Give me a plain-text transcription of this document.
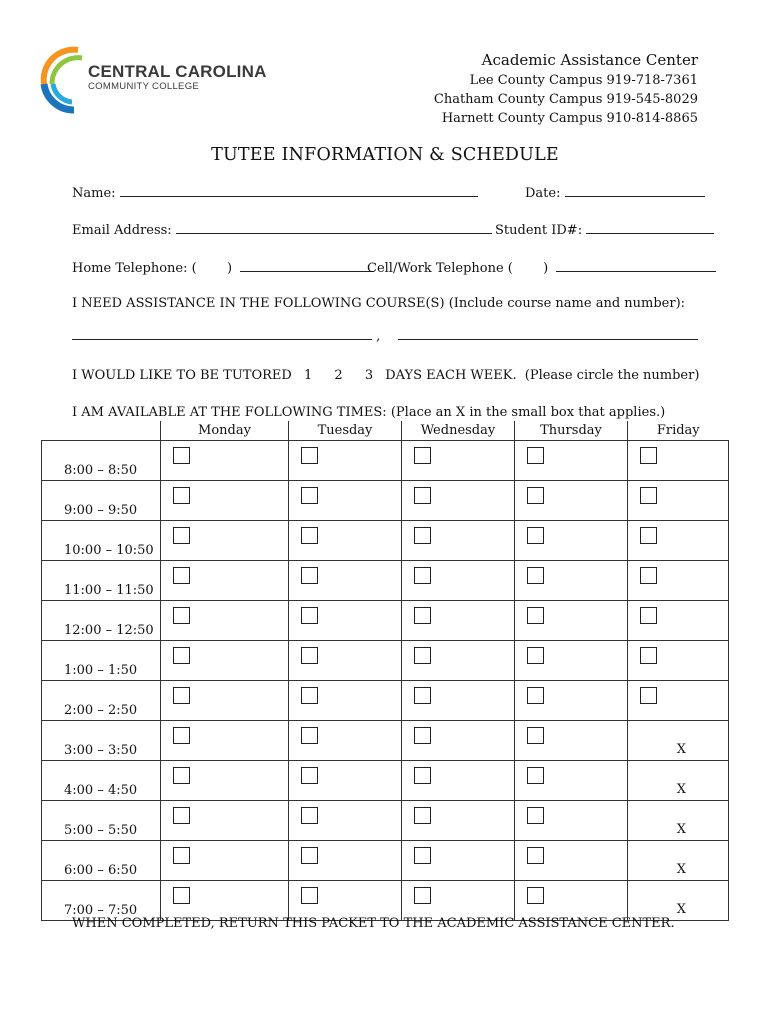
CENTRAL CAROLINA
COMMUNITY COLLEGE
Academic Assistance Center
Lee County Campus 919-718-7361
Chatham County Campus 919-545-8029
Harnett County Campus 910-814-8865
TUTEE INFORMATION & SCHEDULE
Name:	Date:
Email Address:	Student ID#:
Home Telephone: ( )	Cell/Work Telephone ( )
I NEED ASSISTANCE IN THE FOLLOWING COURSE(S) (Include course name and number):
,
I WOULD LIKE TO BE TUTORED 1 2 3 DAYS EACH WEEK. (Please circle the number)
I AM AVAILABLE AT THE FOLLOWING TIMES: (Place an X in the small box that applies.)
	Monday	Tuesday	Wednesday	Thursday	Friday
8:00 – 8:50	

9:00 – 9:50	

10:00 – 10:50	

11:00 – 11:50	

12:00 – 12:50	

1:00 – 1:50	

2:00 – 2:50	

3:00 – 3:50					X

4:00 – 4:50					X

5:00 – 5:50					X

6:00 – 6:50					X

7:00 – 7:50					X
WHEN COMPLETED, RETURN THIS PACKET TO THE ACADEMIC ASSISTANCE CENTER.
